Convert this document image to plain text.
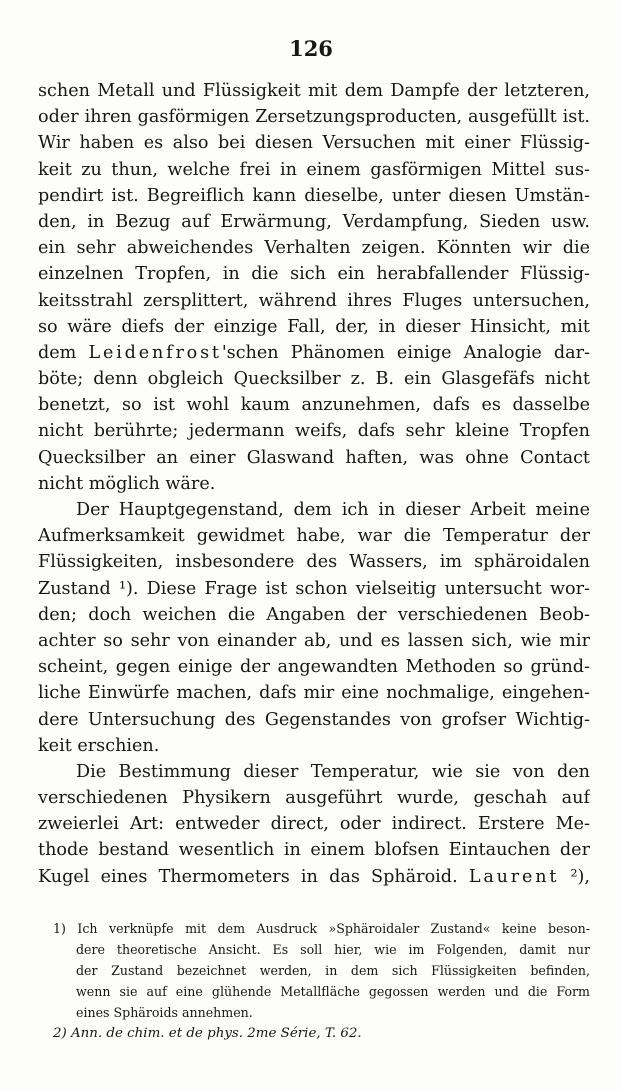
126
schen Metall und Flüssigkeit mit dem Dampfe der letzteren,
oder ihren gasförmigen Zersetzungsproducten, ausgefüllt ist.
Wir haben es also bei diesen Versuchen mit einer Flüssig-
keit zu thun, welche frei in einem gasförmigen Mittel sus-
pendirt ist. Begreiflich kann dieselbe, unter diesen Umstän-
den, in Bezug auf Erwärmung, Verdampfung, Sieden usw.
ein sehr abweichendes Verhalten zeigen. Könnten wir die
einzelnen Tropfen, in die sich ein herabfallender Flüssig-
keitsstrahl zersplittert, während ihres Fluges untersuchen,
so wäre diefs der einzige Fall, der, in dieser Hinsicht, mit
dem Leidenfrost'schen Phänomen einige Analogie dar-
böte; denn obgleich Quecksilber z. B. ein Glasgefäfs nicht
benetzt, so ist wohl kaum anzunehmen, dafs es dasselbe
nicht berührte; jedermann weifs, dafs sehr kleine Tropfen
Quecksilber an einer Glaswand haften, was ohne Contact
nicht möglich wäre.
Der Hauptgegenstand, dem ich in dieser Arbeit meine
Aufmerksamkeit gewidmet habe, war die Temperatur der
Flüssigkeiten, insbesondere des Wassers, im sphäroidalen
Zustand ¹). Diese Frage ist schon vielseitig untersucht wor-
den; doch weichen die Angaben der verschiedenen Beob-
achter so sehr von einander ab, und es lassen sich, wie mir
scheint, gegen einige der angewandten Methoden so gründ-
liche Einwürfe machen, dafs mir eine nochmalige, eingehen-
dere Untersuchung des Gegenstandes von grofser Wichtig-
keit erschien.
Die Bestimmung dieser Temperatur, wie sie von den
verschiedenen Physikern ausgeführt wurde, geschah auf
zweierlei Art: entweder direct, oder indirect. Erstere Me-
thode bestand wesentlich in einem blofsen Eintauchen der
Kugel eines Thermometers in das Sphäroid. Laurent ²),
1) Ich verknüpfe mit dem Ausdruck »Sphäroidaler Zustand« keine beson-
dere theoretische Ansicht. Es soll hier, wie im Folgenden, damit nur
der Zustand bezeichnet werden, in dem sich Flüssigkeiten befinden,
wenn sie auf eine glühende Metallfläche gegossen werden und die Form
eines Sphäroids annehmen.
2) Ann. de chim. et de phys. 2me Série, T. 62.
